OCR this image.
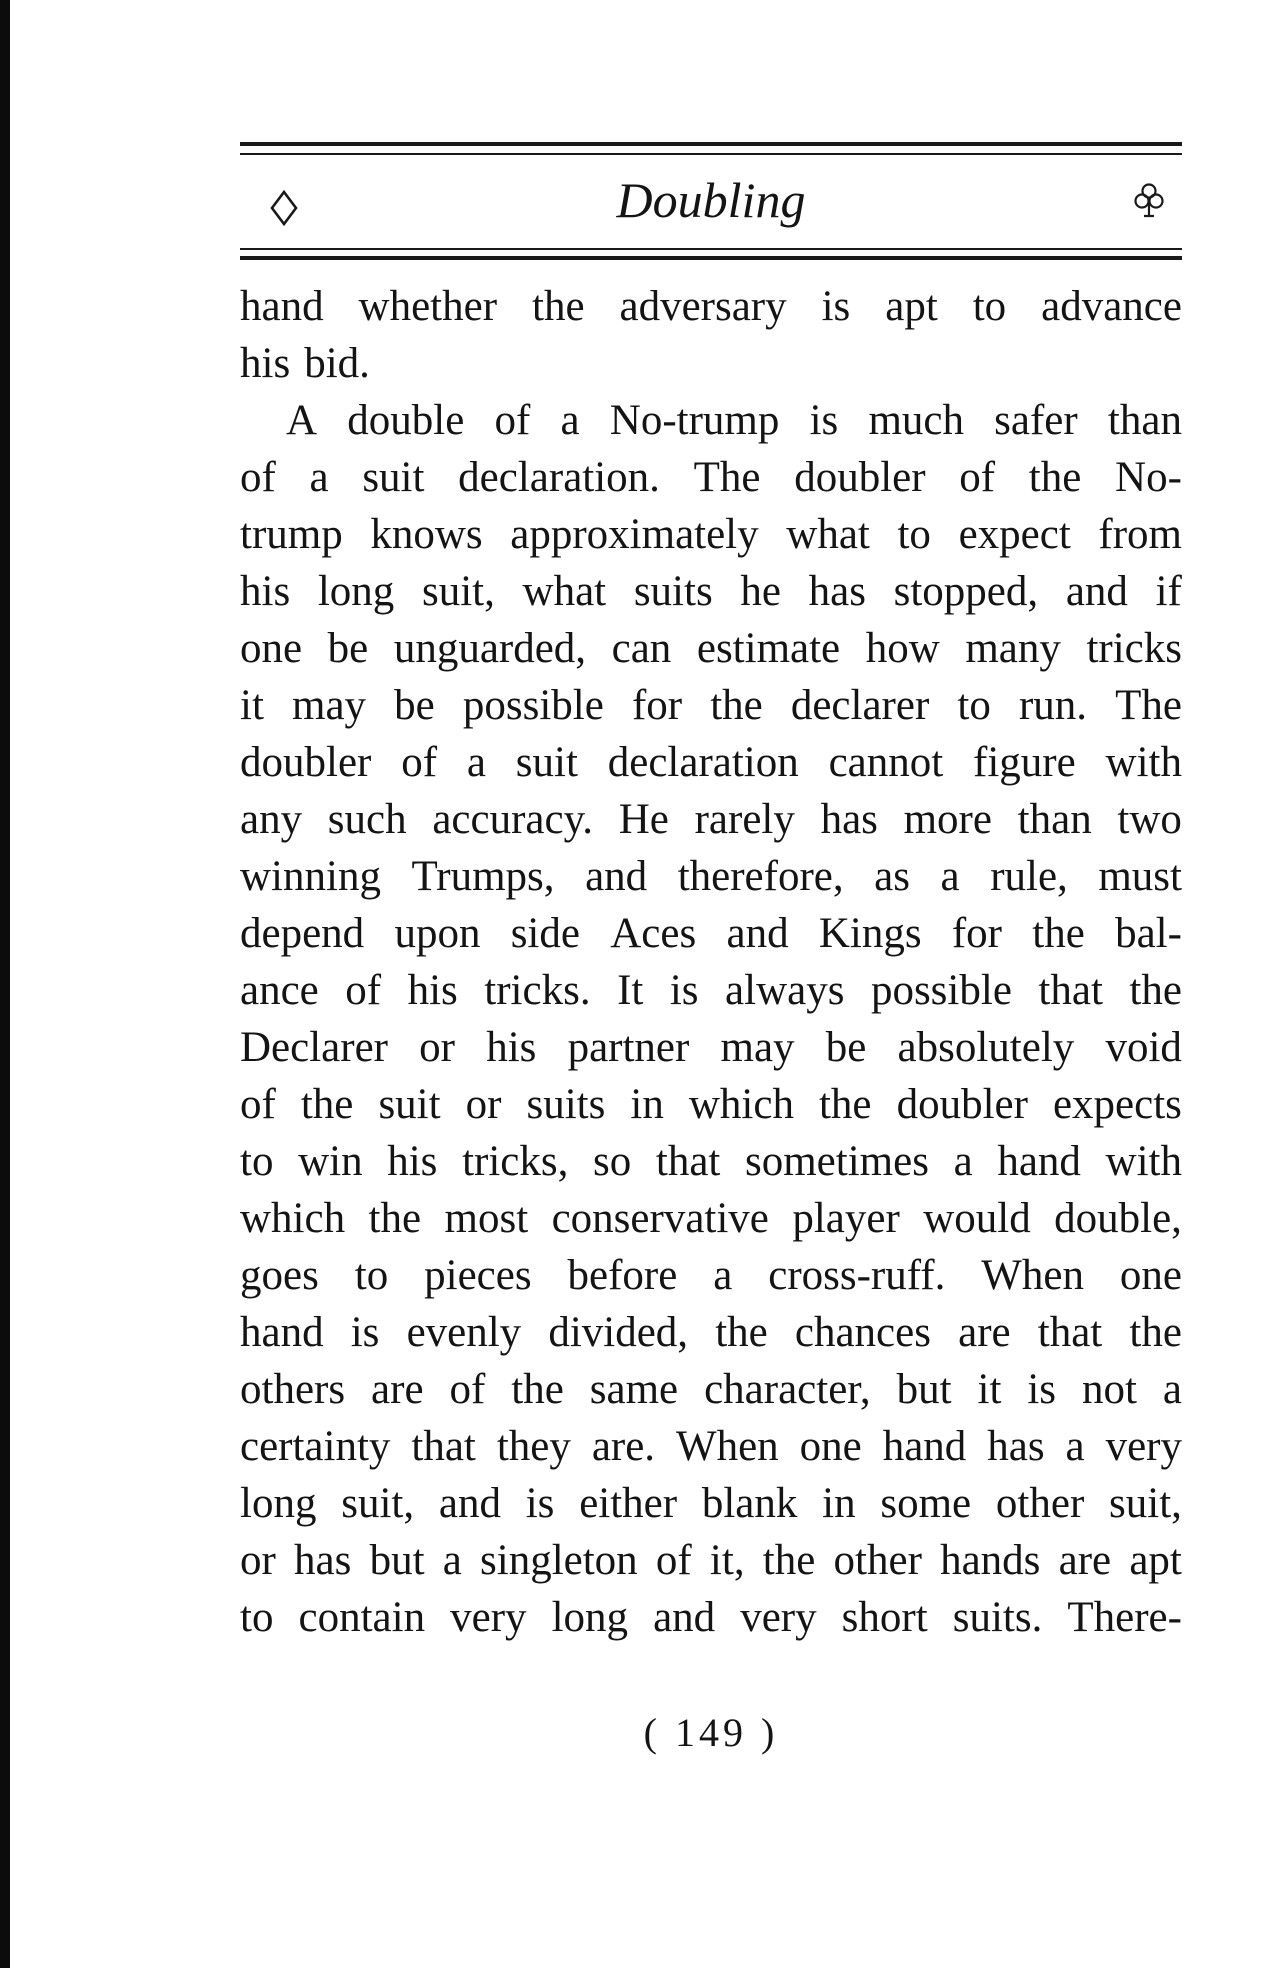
Doubling
hand whether the adversary is apt to advance
his bid.
A double of a No-trump is much safer than
of a suit declaration. The doubler of the No-
trump knows approximately what to expect from
his long suit, what suits he has stopped, and if
one be unguarded, can estimate how many tricks
it may be possible for the declarer to run. The
doubler of a suit declaration cannot figure with
any such accuracy. He rarely has more than two
winning Trumps, and therefore, as a rule, must
depend upon side Aces and Kings for the bal-
ance of his tricks. It is always possible that the
Declarer or his partner may be absolutely void
of the suit or suits in which the doubler expects
to win his tricks, so that sometimes a hand with
which the most conservative player would double,
goes to pieces before a cross-ruff. When one
hand is evenly divided, the chances are that the
others are of the same character, but it is not a
certainty that they are. When one hand has a very
long suit, and is either blank in some other suit,
or has but a singleton of it, the other hands are apt
to contain very long and very short suits. There-
( 149 )
